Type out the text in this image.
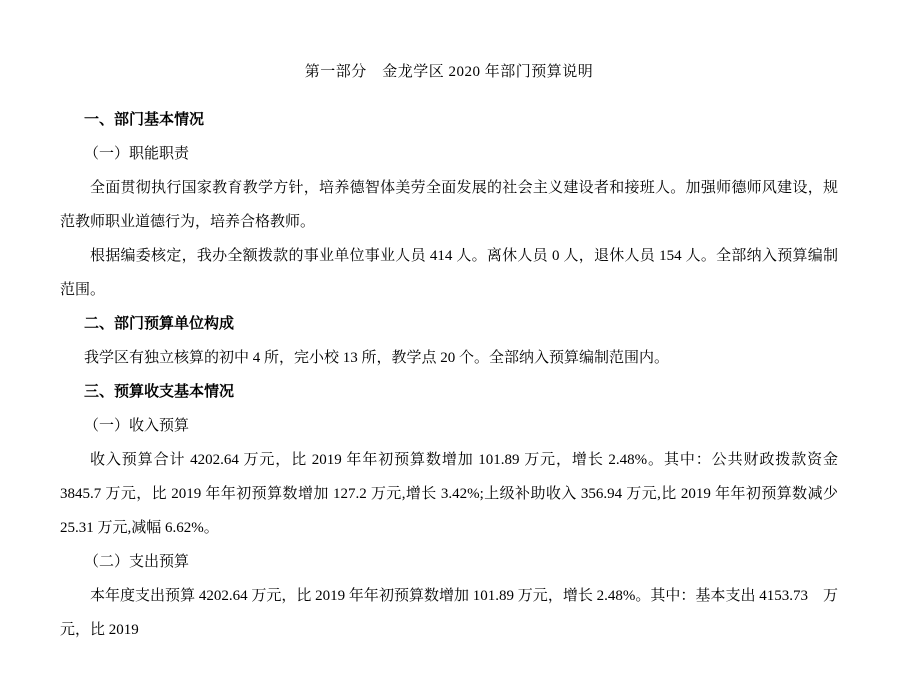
第一部分　金龙学区 2020 年部门预算说明
一、部门基本情况
（一）职能职责
全面贯彻执行国家教育教学方针，培养德智体美劳全面发展的社会主义建设者和接班人。加强师德师风建设，规范教师职业道德行为，培养合格教师。
根据编委核定，我办全额拨款的事业单位事业人员 414 人。离休人员 0 人，退休人员 154 人。全部纳入预算编制范围。
二、部门预算单位构成
我学区有独立核算的初中 4 所，完小校 13 所，教学点 20 个。全部纳入预算编制范围内。
三、预算收支基本情况
（一）收入预算
收入预算合计 4202.64 万元，比 2019 年年初预算数增加 101.89 万元，增长 2.48%。其中：公共财政拨款资金　3845.7 万元，比 2019 年年初预算数增加 127.2 万元,增长 3.42%;上级补助收入 356.94 万元,比 2019 年年初预算数减少 25.31 万元,减幅 6.62%。
（二）支出预算
本年度支出预算 4202.64 万元，比 2019 年年初预算数增加 101.89 万元，增长 2.48%。其中：基本支出 4153.73　万元，比 2019
